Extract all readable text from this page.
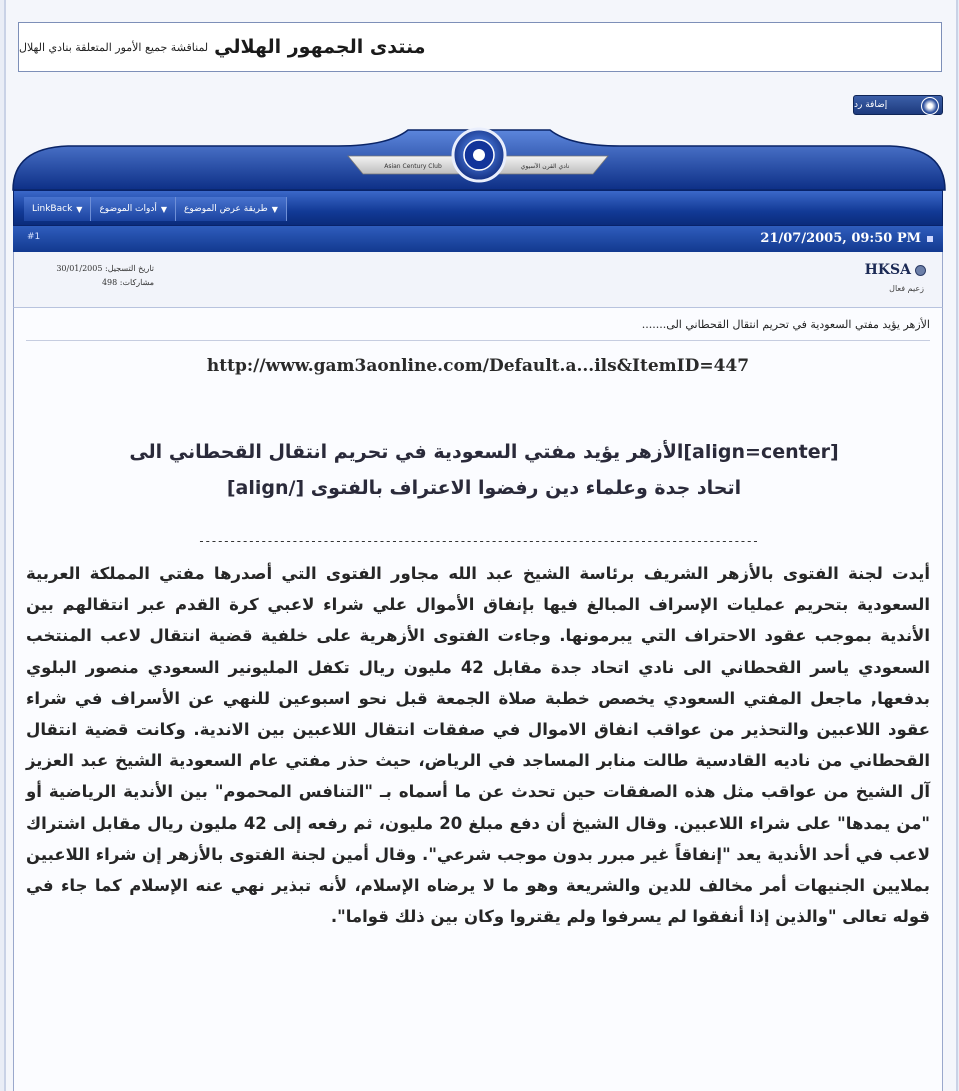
منتدى الجمهور الهلالي
لمناقشة جميع الأمور المتعلقة بنادي الهلال
إضافة رد
Asian Century Club	نادي القرن الآسيوي
▼
LinkBack	▼
أدوات الموضوع	▼
طريقة عرض الموضوع
#1	21/07/2005, 09:50 PM
HKSA
زعيم فعال
تاريخ التسجيل: 30/01/2005
مشاركات: 498
الأزهر يؤيد مفتي السعودية في تحريم انتقال القحطاني الى.......
http://www.gam3aonline.com/Default.a...ils&ItemID=447
[align=center]الأزهر يؤيد مفتي السعودية في تحريم انتقال القحطاني الى اتحاد جدة وعلماء دين رفضوا الاعتراف بالفتوى [/align]
------------------------------------------------------------------------------------------
أيدت لجنة الفتوى بالأزهر الشريف برئاسة الشيخ عبد الله مجاور الفتوى التي أصدرها مفتي المملكة العربية السعودية بتحريم عمليات الإسراف المبالغ فيها بإنفاق الأموال علي شراء لاعبي كرة القدم عبر انتقالهم بين الأندية بموجب عقود الاحتراف التي يبرمونها. وجاءت الفتوى الأزهرية على خلفية قضية انتقال لاعب المنتخب السعودي ياسر القحطاني الى نادي اتحاد جدة مقابل 42 مليون ريال تكفل المليونير السعودي منصور البلوي بدفعها, ماجعل المفتي السعودي يخصص خطبة صلاة الجمعة قبل نحو اسبوعين للنهي عن الأسراف في شراء عقود اللاعبين والتحذير من عواقب انفاق الاموال في صفقات انتقال اللاعبين بين الاندية. وكانت قضية انتقال القحطاني من ناديه القادسية طالت منابر المساجد في الرياض، حيث حذر مفتي عام السعودية الشيخ عبد العزيز آل الشيخ من عواقب مثل هذه الصفقات حين تحدث عن ما أسماه بـ "التنافس المحموم" بين الأندية الرياضية أو "من يمدها" على شراء اللاعبين. وقال الشيخ أن دفع مبلغ 20 مليون، ثم رفعه إلى 42 مليون ريال مقابل اشتراك لاعب في أحد الأندية يعد "إنفاقاً غير مبرر بدون موجب شرعي". وقال أمين لجنة الفتوى بالأزهر إن شراء اللاعبين بملايين الجنيهات أمر مخالف للدين والشريعة وهو ما لا يرضاه الإسلام، لأنه تبذير نهي عنه الإسلام كما جاء في قوله تعالى "والذين إذا أنفقوا لم يسرفوا ولم يقتروا وكان بين ذلك قواما".
